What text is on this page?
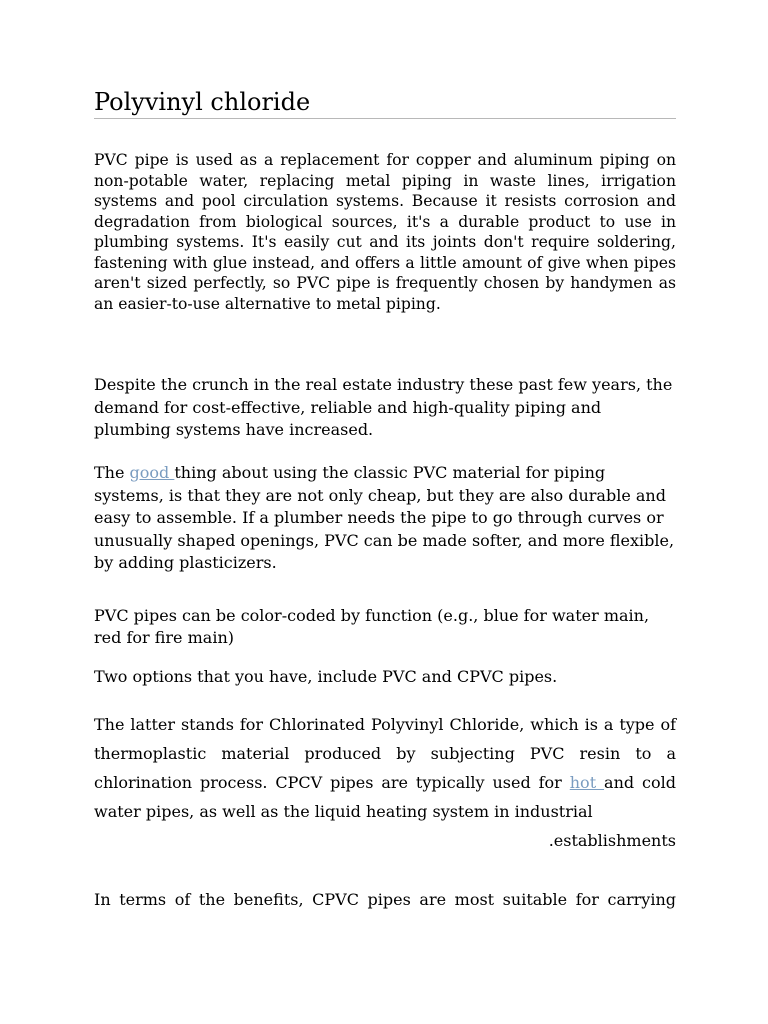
Polyvinyl chloride

PVC pipe is used as a replacement for copper and aluminum piping on non-potable water, replacing metal piping in waste lines, irrigation systems and pool circulation systems. Because it resists corrosion and degradation from biological sources, it's a durable product to use in plumbing systems. It's easily cut and its joints don't require soldering, fastening with glue instead, and offers a little amount of give when pipes aren't sized perfectly, so PVC pipe is frequently chosen by handymen as an easier-to-use alternative to metal piping.

Despite the crunch in the real estate industry these past few years, the demand for cost-effective, reliable and high-quality piping and plumbing systems have increased.

The good thing about using the classic PVC material for piping systems, is that they are not only cheap, but they are also durable and easy to assemble. If a plumber needs the pipe to go through curves or unusually shaped openings, PVC can be made softer, and more flexible, by adding plasticizers.

PVC pipes can be color-coded by function (e.g., blue for water main, red for fire main)

Two options that you have, include PVC and CPVC pipes.

The latter stands for Chlorinated Polyvinyl Chloride, which is a type of thermoplastic material produced by subjecting PVC resin to a chlorination process. CPCV pipes are typically used for hot and cold water pipes, as well as the liquid heating system in industrial
.establishments

In terms of the benefits, CPVC pipes are most suitable for carrying
